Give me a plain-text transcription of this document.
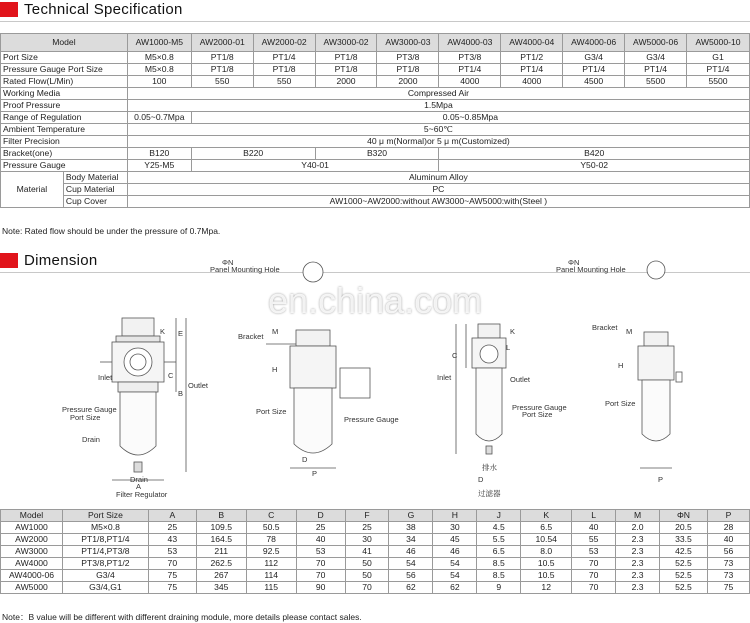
Technical Specification
Model		AW1000-M5	AW2000-01	AW2000-02	AW3000-02	AW3000-03	AW4000-03	AW4000-04	AW4000-06	AW5000-06	AW5000-10
Port Size		M5×0.8	PT1/8	PT1/4	PT1/8	PT3/8	PT3/8	PT1/2	G3/4	G3/4	G1
Pressure Gauge Port Size		M5×0.8	PT1/8	PT1/8	PT1/8	PT1/8	PT1/4	PT1/4	PT1/4	PT1/4	PT1/4
Rated Flow(L/Min)		100	550	550	2000	2000	4000	4000	4500	5500	5500
Working Media		Compressed Air									
Proof Pressure		1.5Mpa									
Range of Regulation		0.05~0.7Mpa	0.05~0.85Mpa								
Ambient Temperature		5~60℃									
Filter Precision		40 μ m(Normal)or 5 μ m(Customized)									
Bracket(one)		B120	B220		B320		B420				
Pressure Gauge		Y25-M5	Y40-01				Y50-02				
Material	Body Material	Aluminum Alloy									
	Cup Material	PC									
	Cup Cover	AW1000~AW2000:without AW3000~AW5000:with(Steel )									
Note: Rated flow should be under the pressure of 0.7Mpa.
Dimension
Inlet
Outlet
Pressure Gauge
Port Size
Drain
Drain
A
Filter Regulator
B
C
E
K
Panel Mounting Hole
ΦN
Bracket
Port Size
Pressure Gauge
M
H
D
P
Inlet	Outlet
Pressure Gauge
Port Size
排水
过滤器
C
K
L
D
Panel Mounting Hole
ΦN
Bracket
Port Size
M
H
P
en.china.com
Model	Port Size	A	B	C	D	F	G	H	J	K	L	M	ΦN	P
AW1000	M5×0.8	25	109.5	50.5	25	25	38	30	4.5	6.5	40	2.0	20.5	28
AW2000	PT1/8,PT1/4	43	164.5	78	40	30	34	45	5.5	10.54	55	2.3	33.5	40
AW3000	PT1/4,PT3/8	53	211	92.5	53	41	46	46	6.5	8.0	53	2.3	42.5	56
AW4000	PT3/8,PT1/2	70	262.5	112	70	50	54	54	8.5	10.5	70	2.3	52.5	73
AW4000-06	G3/4	75	267	114	70	50	56	54	8.5	10.5	70	2.3	52.5	73
AW5000	G3/4,G1	75	345	115	90	70	62	62	9	12	70	2.3	52.5	75
Note：B value will be different with different draining module, more details please contact sales.
